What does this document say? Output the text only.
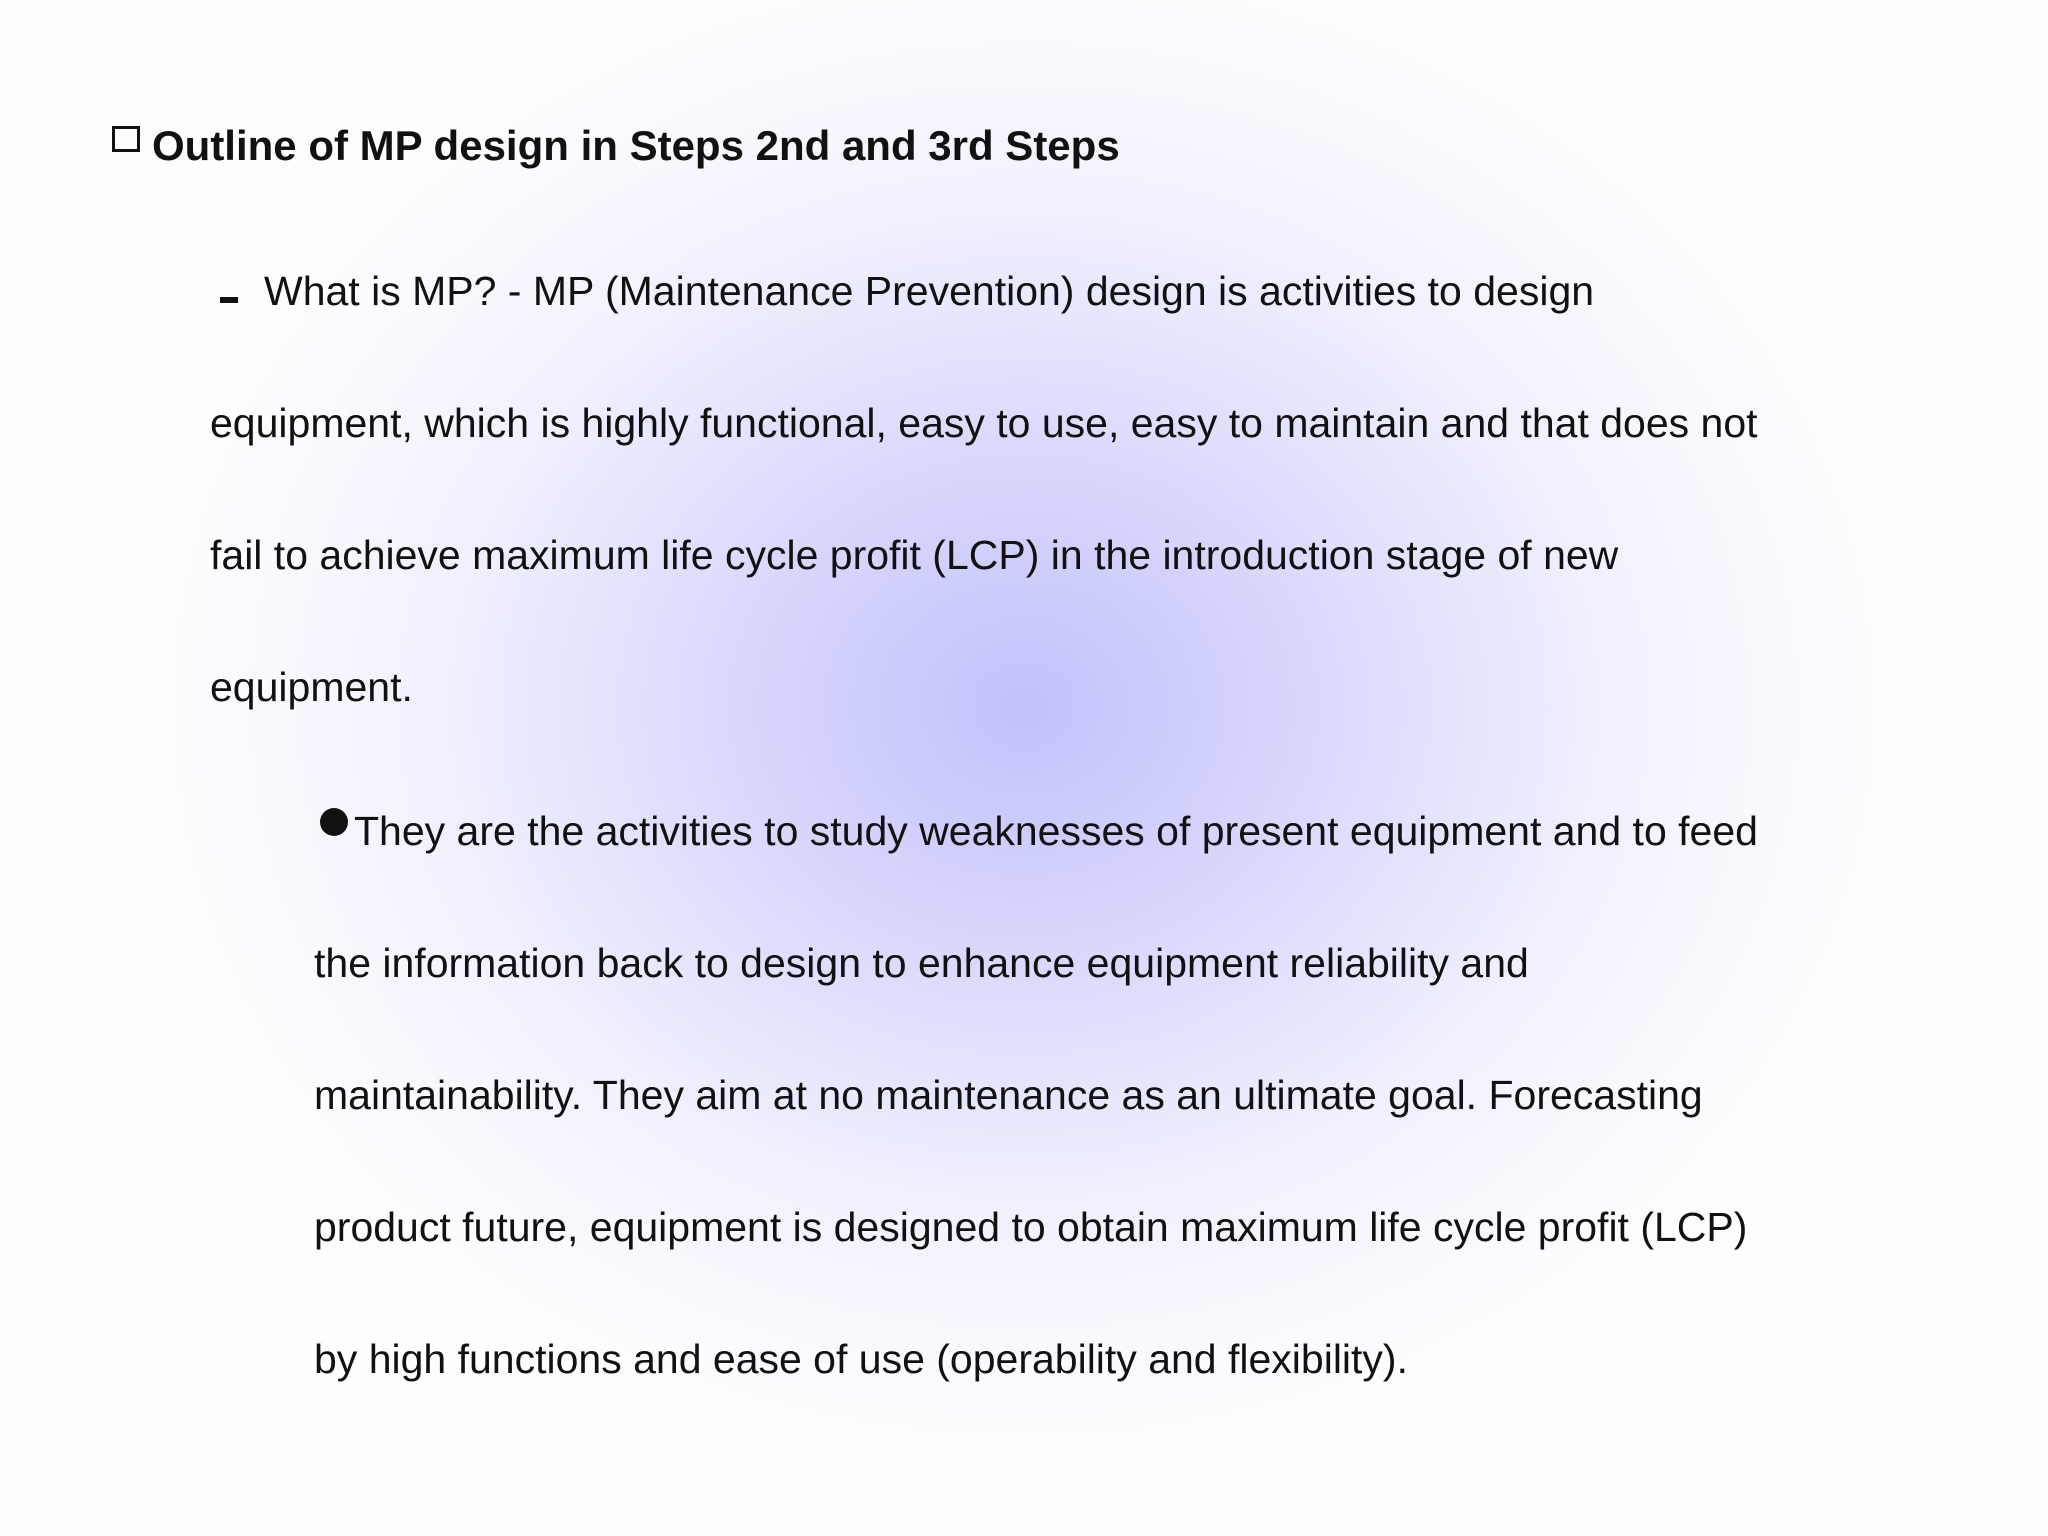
Outline of MP design in Steps 2nd and 3rd Steps

What is MP? - MP (Maintenance Prevention) design is activities to design
equipment, which is highly functional, easy to use, easy to maintain and that does not
fail to achieve maximum life cycle profit (LCP) in the introduction stage of new
equipment.

They are the activities to study weaknesses of present equipment and to feed
the information back to design to enhance equipment reliability and
maintainability. They aim at no maintenance as an ultimate goal. Forecasting
product future, equipment is designed to obtain maximum life cycle profit (LCP)
by high functions and ease of use (operability and flexibility).
